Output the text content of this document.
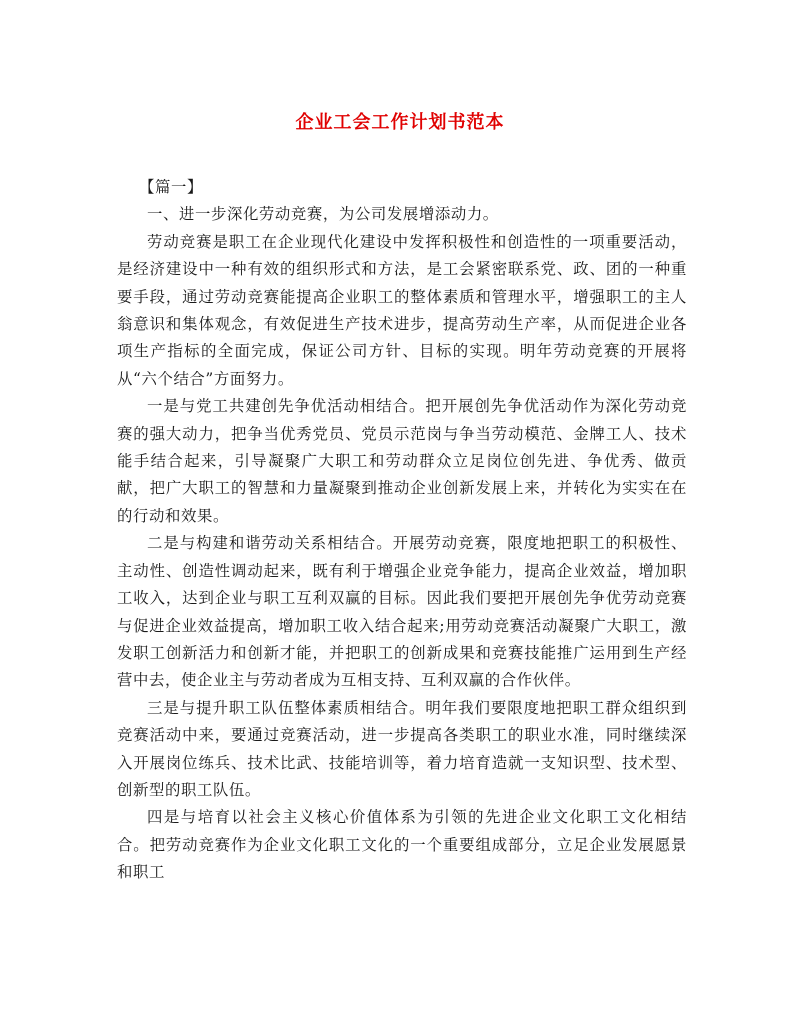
企业工会工作计划书范本

【篇一】

一、进一步深化劳动竞赛，为公司发展增添动力。

劳动竞赛是职工在企业现代化建设中发挥积极性和创造性的一项重要活动，是经济建设中一种有效的组织形式和方法，是工会紧密联系党、政、团的一种重要手段，通过劳动竞赛能提高企业职工的整体素质和管理水平，增强职工的主人翁意识和集体观念，有效促进生产技术进步，提高劳动生产率，从而促进企业各项生产指标的全面完成，保证公司方针、目标的实现。明年劳动竞赛的开展将从“六个结合”方面努力。

一是与党工共建创先争优活动相结合。把开展创先争优活动作为深化劳动竞赛的强大动力，把争当优秀党员、党员示范岗与争当劳动模范、金牌工人、技术能手结合起来，引导凝聚广大职工和劳动群众立足岗位创先进、争优秀、做贡献，把广大职工的智慧和力量凝聚到推动企业创新发展上来，并转化为实实在在的行动和效果。

二是与构建和谐劳动关系相结合。开展劳动竞赛，限度地把职工的积极性、主动性、创造性调动起来，既有利于增强企业竞争能力，提高企业效益，增加职工收入，达到企业与职工互利双赢的目标。因此我们要把开展创先争优劳动竞赛与促进企业效益提高，增加职工收入结合起来;用劳动竞赛活动凝聚广大职工，激发职工创新活力和创新才能，并把职工的创新成果和竞赛技能推广运用到生产经营中去，使企业主与劳动者成为互相支持、互利双赢的合作伙伴。

三是与提升职工队伍整体素质相结合。明年我们要限度地把职工群众组织到竞赛活动中来，要通过竞赛活动，进一步提高各类职工的职业水准，同时继续深入开展岗位练兵、技术比武、技能培训等，着力培育造就一支知识型、技术型、创新型的职工队伍。

四是与培育以社会主义核心价值体系为引领的先进企业文化职工文化相结合。把劳动竞赛作为企业文化职工文化的一个重要组成部分，立足企业发展愿景和职工
